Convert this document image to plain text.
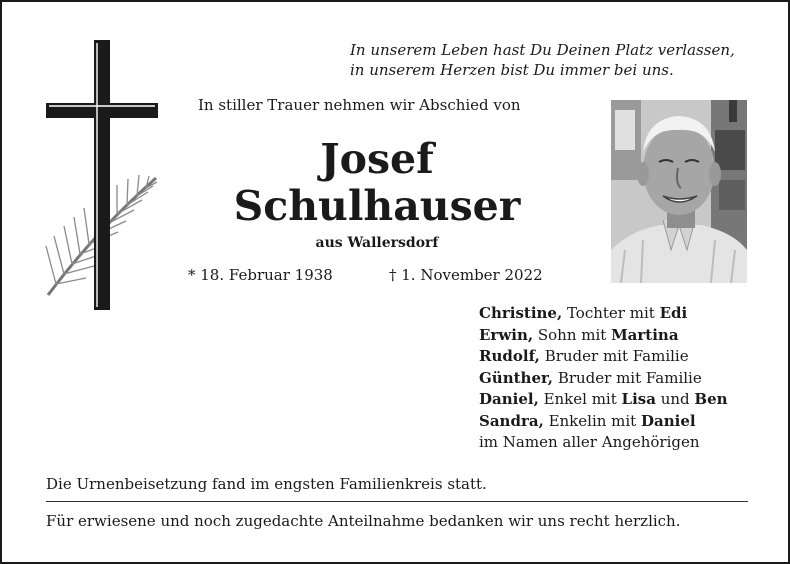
In unserem Leben hast Du Deinen Platz verlassen,
in unserem Herzen bist Du immer bei uns.
In stiller Trauer nehmen wir Abschied von
Josef
Schulhauser
aus Wallersdorf
* 18. Februar 1938	† 1. November 2022
Christine, Tochter mit Edi
Erwin, Sohn mit Martina
Rudolf, Bruder mit Familie
Günther, Bruder mit Familie
Daniel, Enkel mit Lisa und Ben
Sandra, Enkelin mit Daniel
im Namen aller Angehörigen
Die Urnenbeisetzung fand im engsten Familienkreis statt.
Für erwiesene und noch zugedachte Anteilnahme bedanken wir uns recht herzlich.
